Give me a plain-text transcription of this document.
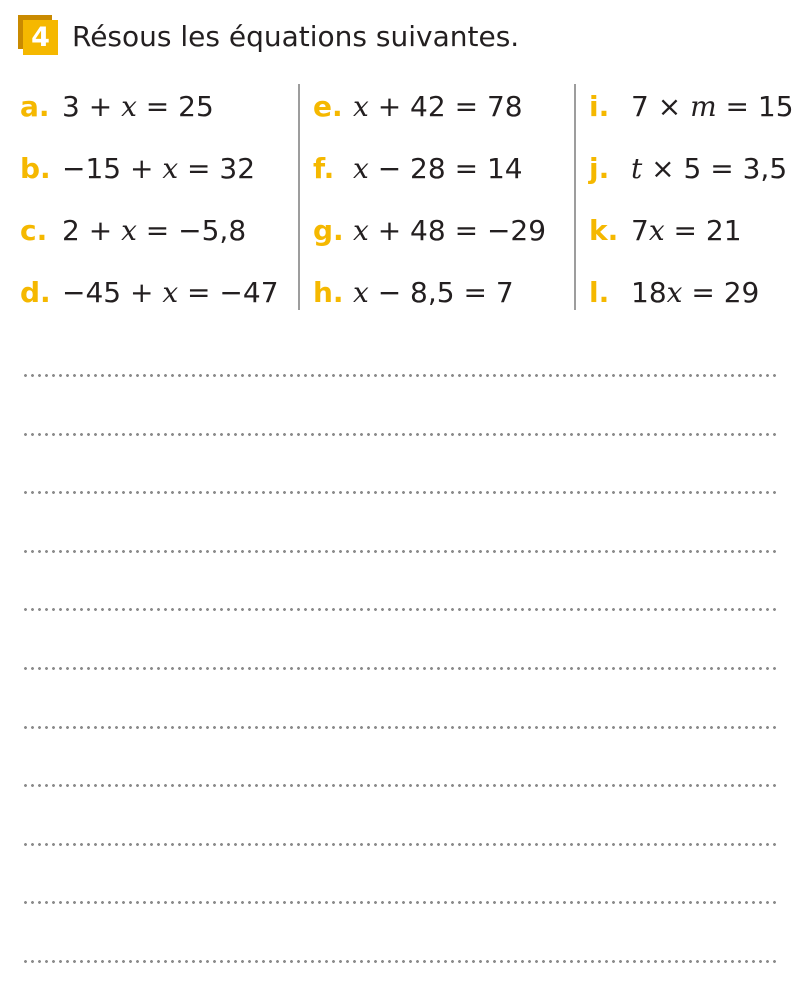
4 Résous les équations suivantes.
a. 3 + x = 25
b. −15 + x = 32
c. 2 + x = −5,8
d. −45 + x = −47
e. x + 42 = 78
f. x − 28 = 14
g. x + 48 = −29
h. x − 8,5 = 7
i. 7 × m = 15
j. t × 5 = 3,5
k. 7x = 21
l. 18x = 29
